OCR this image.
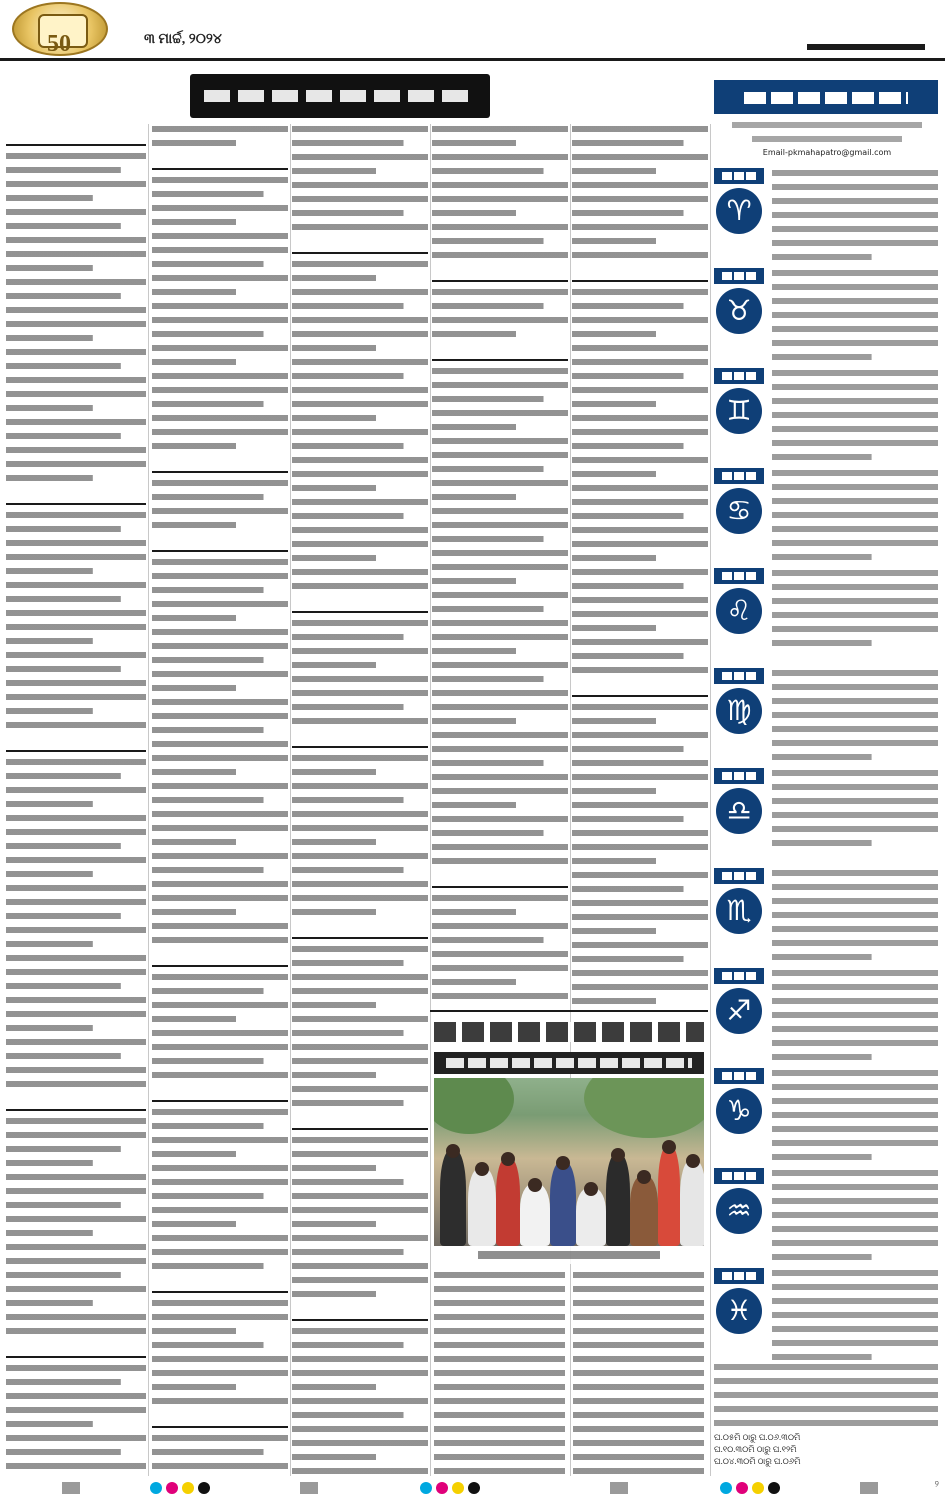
50	୩ ମାର୍ଚ୍ଚ, ୨୦୨୪
Email-pkmahapatro@gmail.com
♈
♉
♊
♋
♌
♍
♎
♏
♐
♑
♒
♓
ଘ.୦୫ମି ଠାରୁ ଘ.୦୬.୩୦ମି
ଘ.୧୦.୩୦ମି ଠାରୁ ଘ.୧୨ମି
ଘ.୦୪.୩୦ମି ଠାରୁ ଘ.୦୬ମି
୨
